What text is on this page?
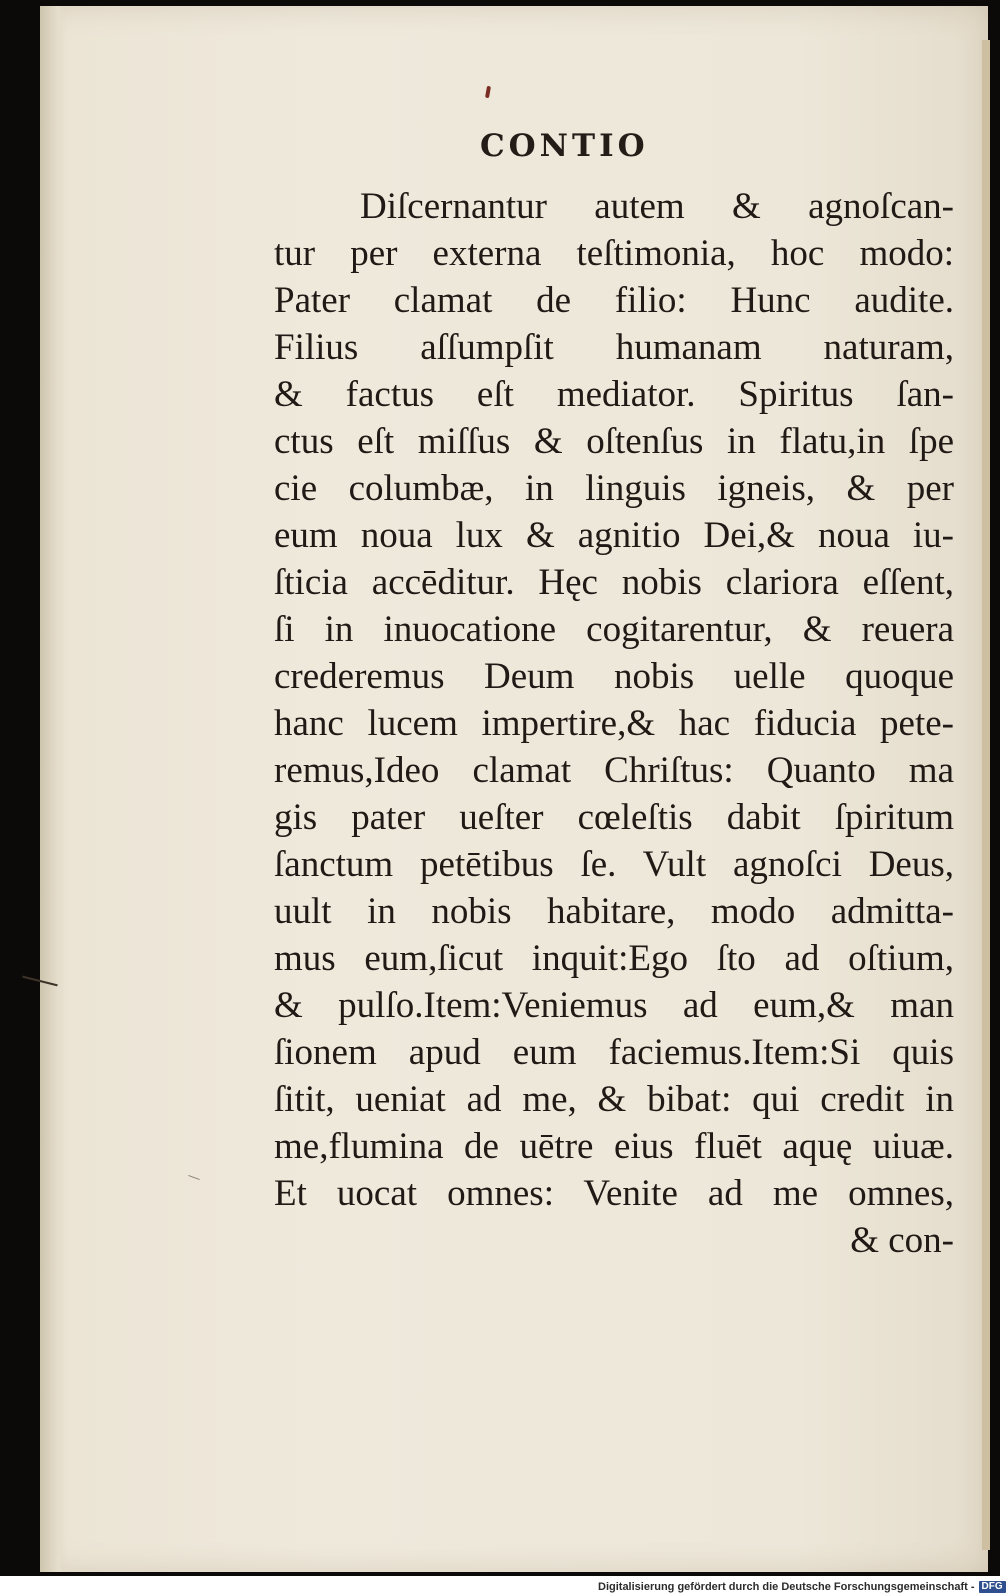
CONTIO
Diſcernantur autem & agnoſcan-
tur per externa teſtimonia, hoc modo:
Pater clamat de filio: Hunc audite.
Filius aſſumpſit humanam naturam,
& factus eſt mediator. Spiritus ſan-
ctus eſt miſſus & oſtenſus in flatu,in ſpe
cie columbæ, in linguis igneis, & per
eum noua lux & agnitio Dei,& noua iu-
ſticia accēditur. Hęc nobis clariora eſſent,
ſi in inuocatione cogitarentur, & reuera
crederemus Deum nobis uelle quoque
hanc lucem impertire,& hac fiducia pete-
remus,Ideo clamat Chriſtus: Quanto ma
gis pater ueſter cœleſtis dabit ſpiritum
ſanctum petētibus ſe. Vult agnoſci Deus,
uult in nobis habitare, modo admitta-
mus eum,ſicut inquit:Ego ſto ad oſtium,
& pulſo.Item:Veniemus ad eum,& man
ſionem apud eum faciemus.Item:Si quis
ſitit, ueniat ad me, & bibat: qui credit in
me,flumina de uētre eius fluēt aquę uiuæ.
Et uocat omnes: Venite ad me omnes,
& con-
Digitalisierung gefördert durch die Deutsche Forschungsgemeinschaft - DFG
